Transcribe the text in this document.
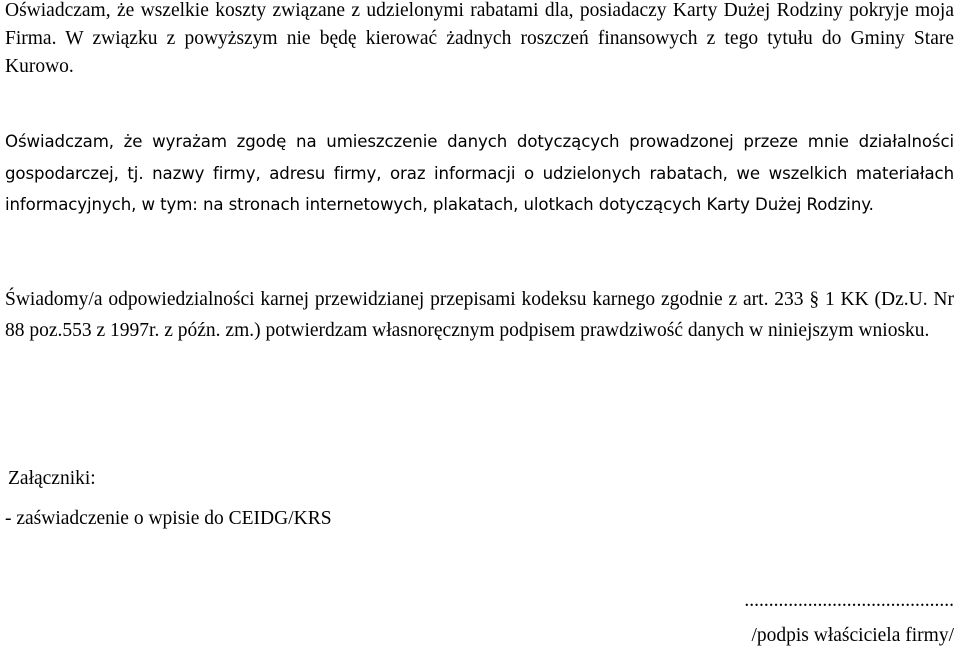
Oświadczam, że wszelkie koszty związane z udzielonymi rabatami dla, posiadaczy Karty Dużej Rodziny pokryje moja Firma. W związku z powyższym nie będę kierować żadnych roszczeń finansowych z tego tytułu do Gminy Stare Kurowo.

Oświadczam, że wyrażam zgodę na umieszczenie danych dotyczących prowadzonej przeze mnie działalności gospodarczej, tj. nazwy firmy, adresu firmy, oraz informacji o udzielonych rabatach, we wszelkich materiałach informacyjnych, w tym: na stronach internetowych, plakatach, ulotkach dotyczących Karty Dużej Rodziny.

Świadomy/a odpowiedzialności karnej przewidzianej przepisami kodeksu karnego zgodnie z art. 233 § 1 KK (Dz.U. Nr 88 poz.553 z 1997r. z późn. zm.) potwierdzam własnoręcznym podpisem prawdziwość danych w niniejszym wniosku.

Załączniki:
- zaświadczenie o wpisie do CEIDG/KRS
...........................................
/podpis właściciela firmy/
